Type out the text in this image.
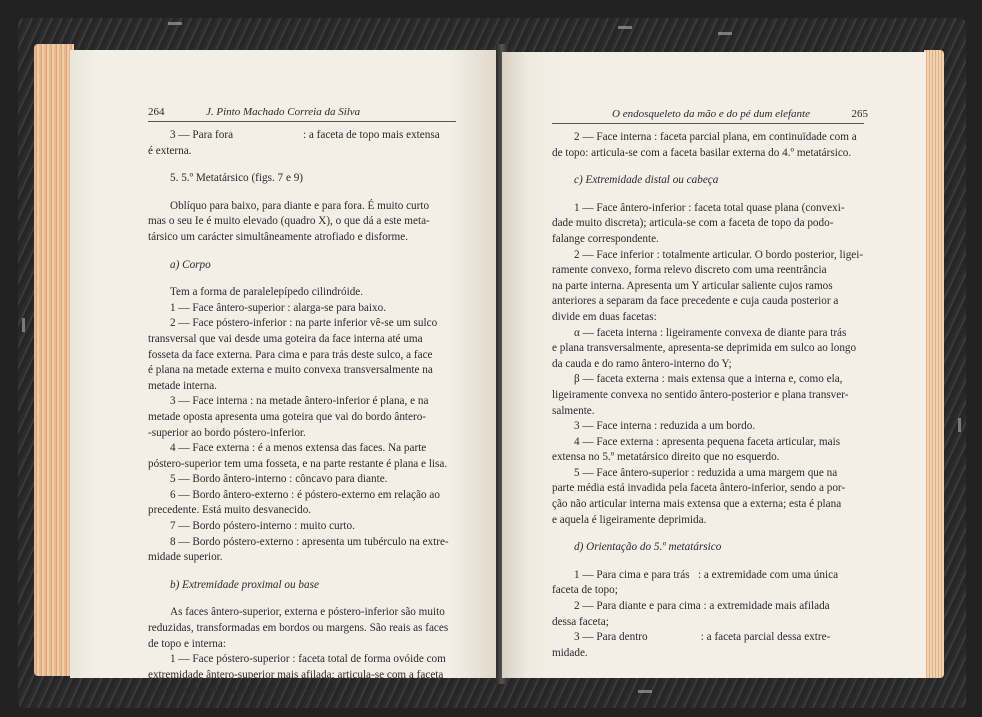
264	J. Pinto Machado Correia da Silva
3 — Para fora                         : a faceta de topo mais extensa
é externa.
5. 5.º Metatársico (figs. 7 e 9)
Oblíquo para baixo, para diante e para fora. É muito curto
mas o seu Ie é muito elevado (quadro X), o que dá a este meta-
társico um carácter simultâneamente atrofiado e disforme.
a) Corpo
Tem a forma de paralelepípedo cilindróide.
1 — Face ântero-superior : alarga-se para baixo.
2 — Face póstero-inferior : na parte inferior vê-se um sulco
transversal que vai desde uma goteira da face interna até uma
fosseta da face externa. Para cima e para trás deste sulco, a face
é plana na metade externa e muito convexa transversalmente na
metade interna.
3 — Face interna : na metade ântero-inferior é plana, e na
metade oposta apresenta uma goteira que vai do bordo ântero-
-superior ao bordo póstero-inferior.
4 — Face externa : é a menos extensa das faces. Na parte
póstero-superior tem uma fosseta, e na parte restante é plana e lisa.
5 — Bordo ântero-interno : côncavo para diante.
6 — Bordo ântero-externo : é póstero-externo em relação ao
precedente. Está muito desvanecido.
7 — Bordo póstero-interno : muito curto.
8 — Bordo póstero-externo : apresenta um tubérculo na extre-
midade superior.
b) Extremidade proximal ou base
As faces ântero-superior, externa e póstero-inferior são muito
reduzidas, transformadas em bordos ou margens. São reais as faces
de topo e interna:
1 — Face póstero-superior : faceta total de forma ovóide com
extremidade ântero-superior mais afilada; articula-se com a faceta
ínfero-externa da face anterior do cubóide.
O endosqueleto da mão e do pé dum elefante	265
2 — Face interna : faceta parcial plana, em continuïdade com a
de topo: articula-se com a faceta basilar externa do 4.º metatársico.
c) Extremidade distal ou cabeça
1 — Face ântero-inferior : faceta total quase plana (convexi-
dade muito discreta); articula-se com a faceta de topo da podo-
falange correspondente.
2 — Face inferior : totalmente articular. O bordo posterior, ligei-
ramente convexo, forma relevo discreto com uma reentrância
na parte interna. Apresenta um Y articular saliente cujos ramos
anteriores a separam da face precedente e cuja cauda posterior a
divide em duas facetas:
α — faceta interna : ligeiramente convexa de diante para trás
e plana transversalmente, apresenta-se deprimida em sulco ao longo
da cauda e do ramo ântero-interno do Y;
β — faceta externa : mais extensa que a interna e, como ela,
ligeiramente convexa no sentido ântero-posterior e plana transver-
salmente.
3 — Face interna : reduzida a um bordo.
4 — Face externa : apresenta pequena faceta articular, mais
extensa no 5.º metatársico direito que no esquerdo.
5 — Face ântero-superior : reduzida a uma margem que na
parte média está invadida pela faceta ântero-inferior, sendo a por-
ção não articular interna mais extensa que a externa; esta é plana
e aquela é ligeiramente deprimida.
d) Orientação do 5.º metatársico
1 — Para cima e para trás   : a extremidade com uma única
faceta de topo;
2 — Para diante e para cima : a extremidade mais afilada
dessa faceta;
3 — Para dentro                   : a faceta parcial dessa extre-
midade.
